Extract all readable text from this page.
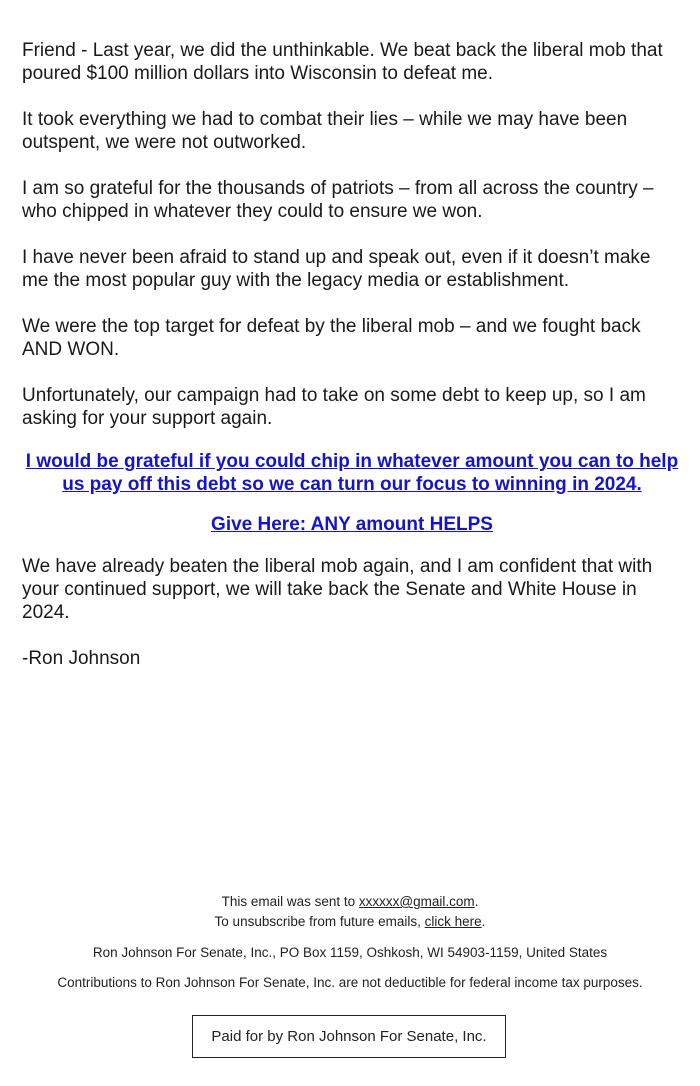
Friend - Last year, we did the unthinkable. We beat back the liberal mob that poured $100 million dollars into Wisconsin to defeat me.

It took everything we had to combat their lies – while we may have been outspent, we were not outworked.

I am so grateful for the thousands of patriots – from all across the country – who chipped in whatever they could to ensure we won.

I have never been afraid to stand up and speak out, even if it doesn’t make me the most popular guy with the legacy media or establishment.

We were the top target for defeat by the liberal mob – and we fought back AND WON.

Unfortunately, our campaign had to take on some debt to keep up, so I am asking for your support again.

I would be grateful if you could chip in whatever amount you can to help us pay off this debt so we can turn our focus to winning in 2024.

Give Here: ANY amount HELPS

We have already beaten the liberal mob again, and I am confident that with your continued support, we will take back the Senate and White House in 2024.

-Ron Johnson

This email was sent to xxxxxx@gmail.com.

To unsubscribe from future emails, click here.

Ron Johnson For Senate, Inc., PO Box 1159, Oshkosh, WI 54903-1159, United States

Contributions to Ron Johnson For Senate, Inc. are not deductible for federal income tax purposes.

Paid for by Ron Johnson For Senate, Inc.
